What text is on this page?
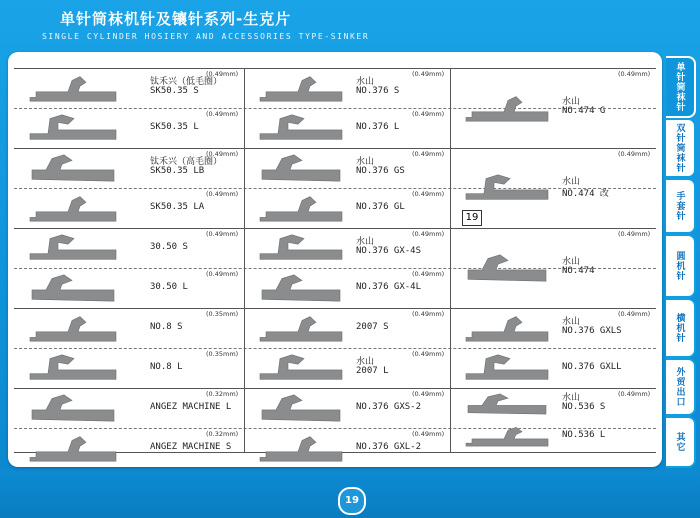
单针筒袜机针及镶针系列-生克片
SINGLE CYLINDER HOSIERY AND ACCESSORIES TYPE-SINKER
(0.49mm)
钛禾兴（低毛圈）
SK50.35 S
(0.49mm)
SK50.35 L
(0.49mm)
钛禾兴（高毛圈）
SK50.35 LB
(0.49mm)
SK50.35 LA
(0.49mm)
30.50 S
(0.49mm)
30.50 L
(0.35mm)
NO.8 S
(0.35mm)
NO.8 L
(0.32mm)
ANGEZ MACHINE L
(0.32mm)
ANGEZ MACHINE S
(0.49mm)
水山
NO.376 S
(0.49mm)
NO.376 L
(0.49mm)
水山
NO.376 GS
(0.49mm)
NO.376 GL
(0.49mm)
水山
NO.376 GX-4S
(0.49mm)
NO.376 GX-4L
(0.49mm)
2007 S
(0.49mm)
水山
2007 L
(0.49mm)
NO.376 GXS-2
(0.49mm)
NO.376 GXL-2
(0.49mm)
水山
NO.474 G
(0.49mm)
水山
NO.474 改
(0.49mm)
水山
NO.474
(0.49mm)
水山
NO.376 GXLS
NO.376 GXLL
(0.49mm)
水山
NO.536 S
NO.536 L
单针筒袜针
双针筒袜针
手套针
圆机针
横机针
外贸出口
其它
19
19
